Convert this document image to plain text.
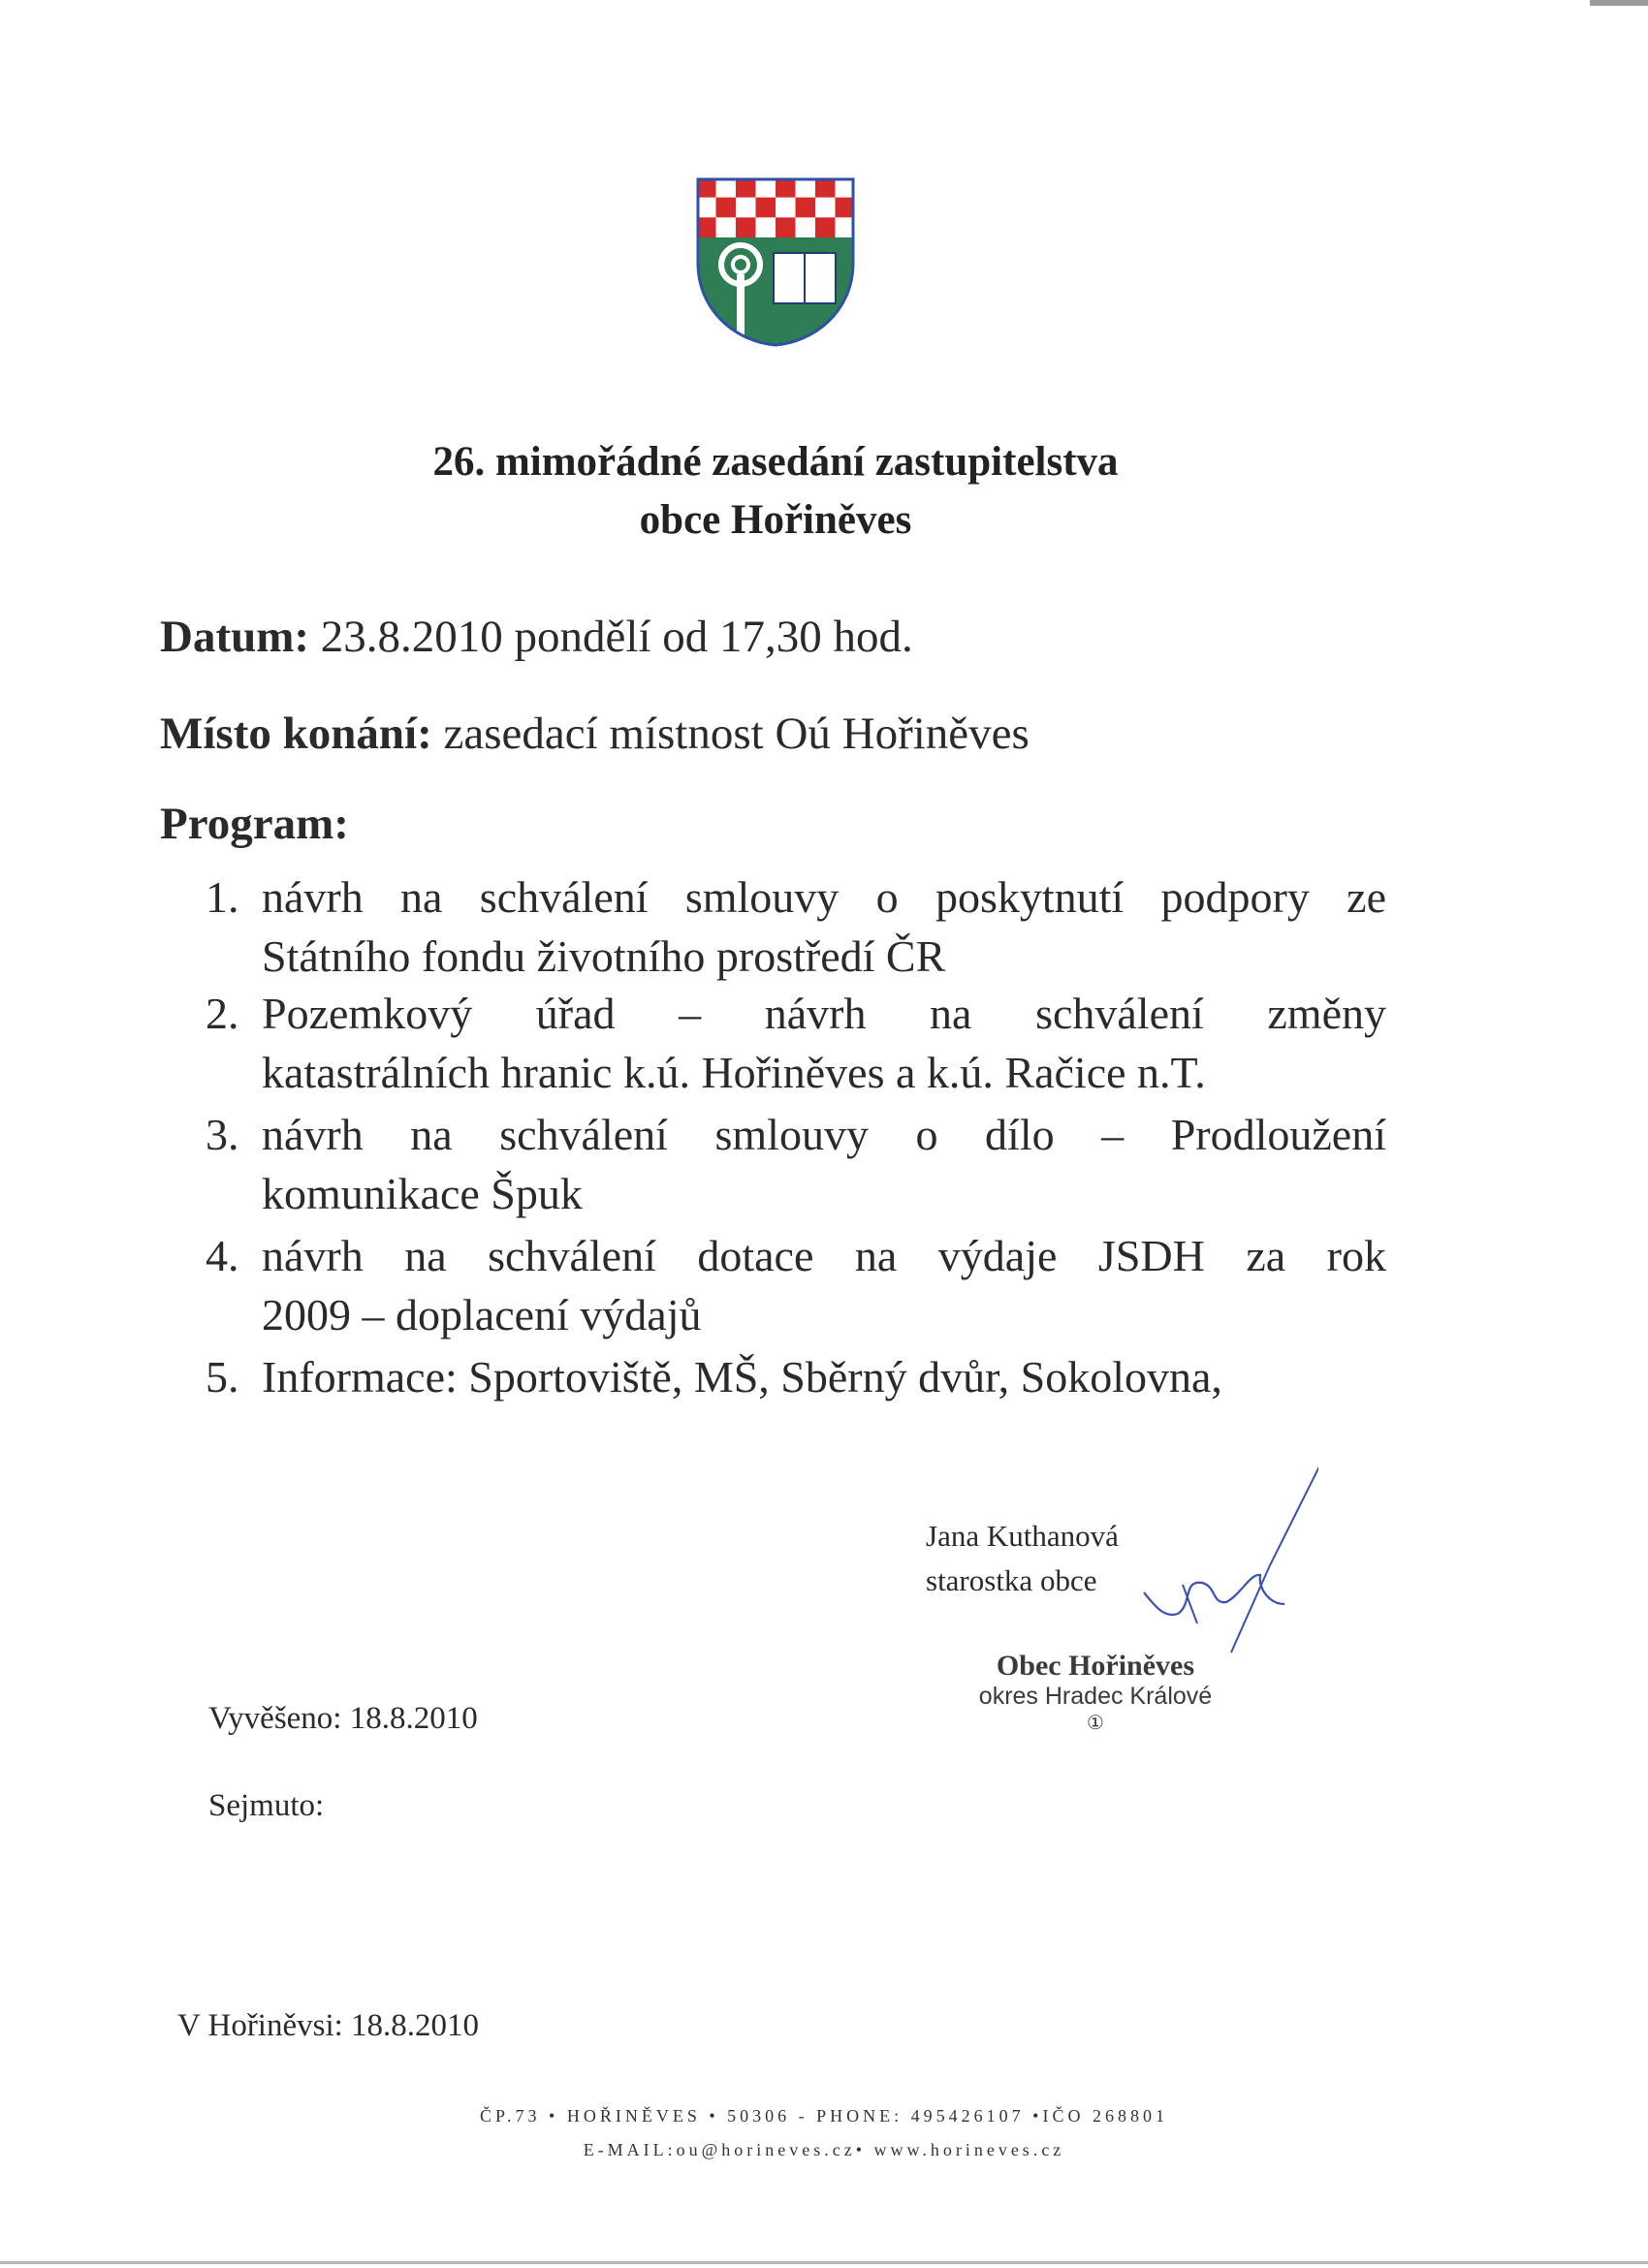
26. mimořádné zasedání zastupitelstva
obce Hořiněves
Datum: 23.8.2010 pondělí od 17,30 hod.
Místo konání: zasedací místnost Oú Hořiněves
Program:
1. návrh na schválení smlouvy o poskytnutí podpory ze
Státního fondu životního prostředí ČR
2. Pozemkový úřad – návrh na schválení změny
katastrálních hranic k.ú. Hořiněves a k.ú. Račice n.T.
3. návrh na schválení smlouvy o dílo – Prodloužení
komunikace Špuk
4. návrh na schválení dotace na výdaje JSDH za rok
2009 – doplacení výdajů
5. Informace: Sportoviště, MŠ, Sběrný dvůr, Sokolovna,
Jana Kuthanová
starostka obce
Obec Hořiněves
okres Hradec Králové
①
Vyvěšeno: 18.8.2010
Sejmuto:
V Hořiněvsi: 18.8.2010
ČP.73 • HOŘINĚVES • 50306 - PHONE: 495426107 •IČO 268801
E-MAIL:ou@horineves.cz• www.horineves.cz
